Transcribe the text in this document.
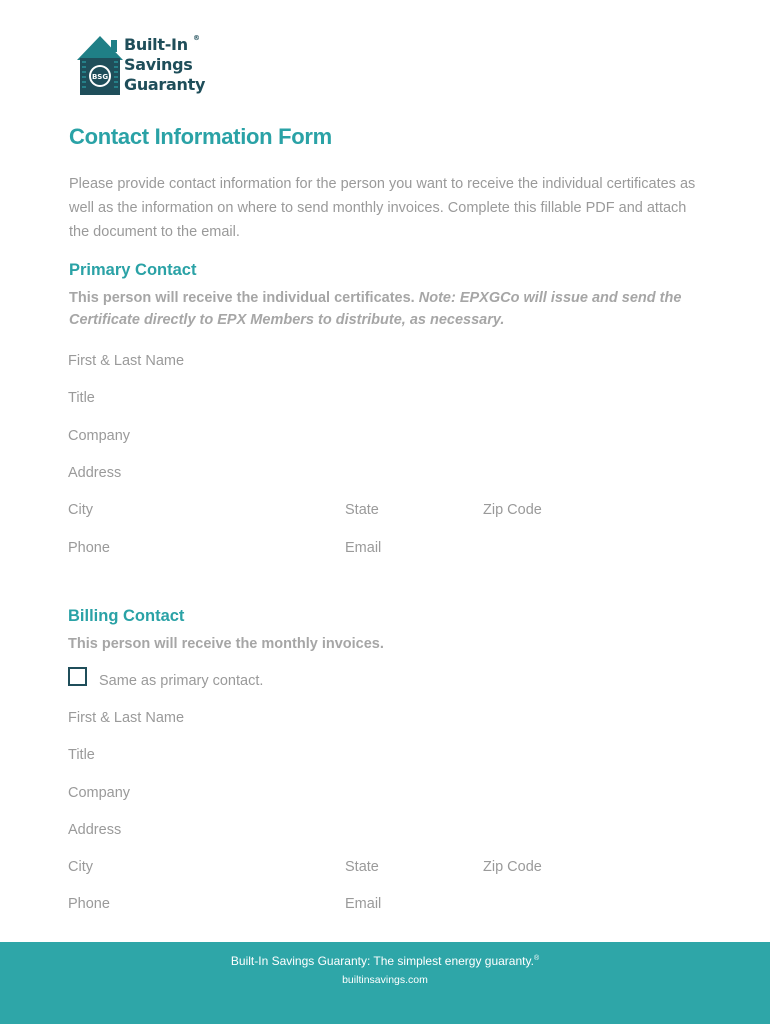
BSG
Built-In
Savings
Guaranty
®
Contact Information Form
Please provide contact information for the person you want to receive the individual certificates as well as the information on where to send monthly invoices. Complete this fillable PDF and attach the document to the email.
Primary Contact
This person will receive the individual certificates. Note: EPXGCo will issue and send the Certificate directly to EPX Members to distribute, as necessary.
First & Last Name
Title
Company
Address
City	State	Zip Code
Phone	Email
Billing Contact
This person will receive the monthly invoices.
Same as primary contact.
First & Last Name
Title
Company
Address
City	State	Zip Code
Phone	Email
Built-In Savings Guaranty: The simplest energy guaranty.®
builtinsavings.com
